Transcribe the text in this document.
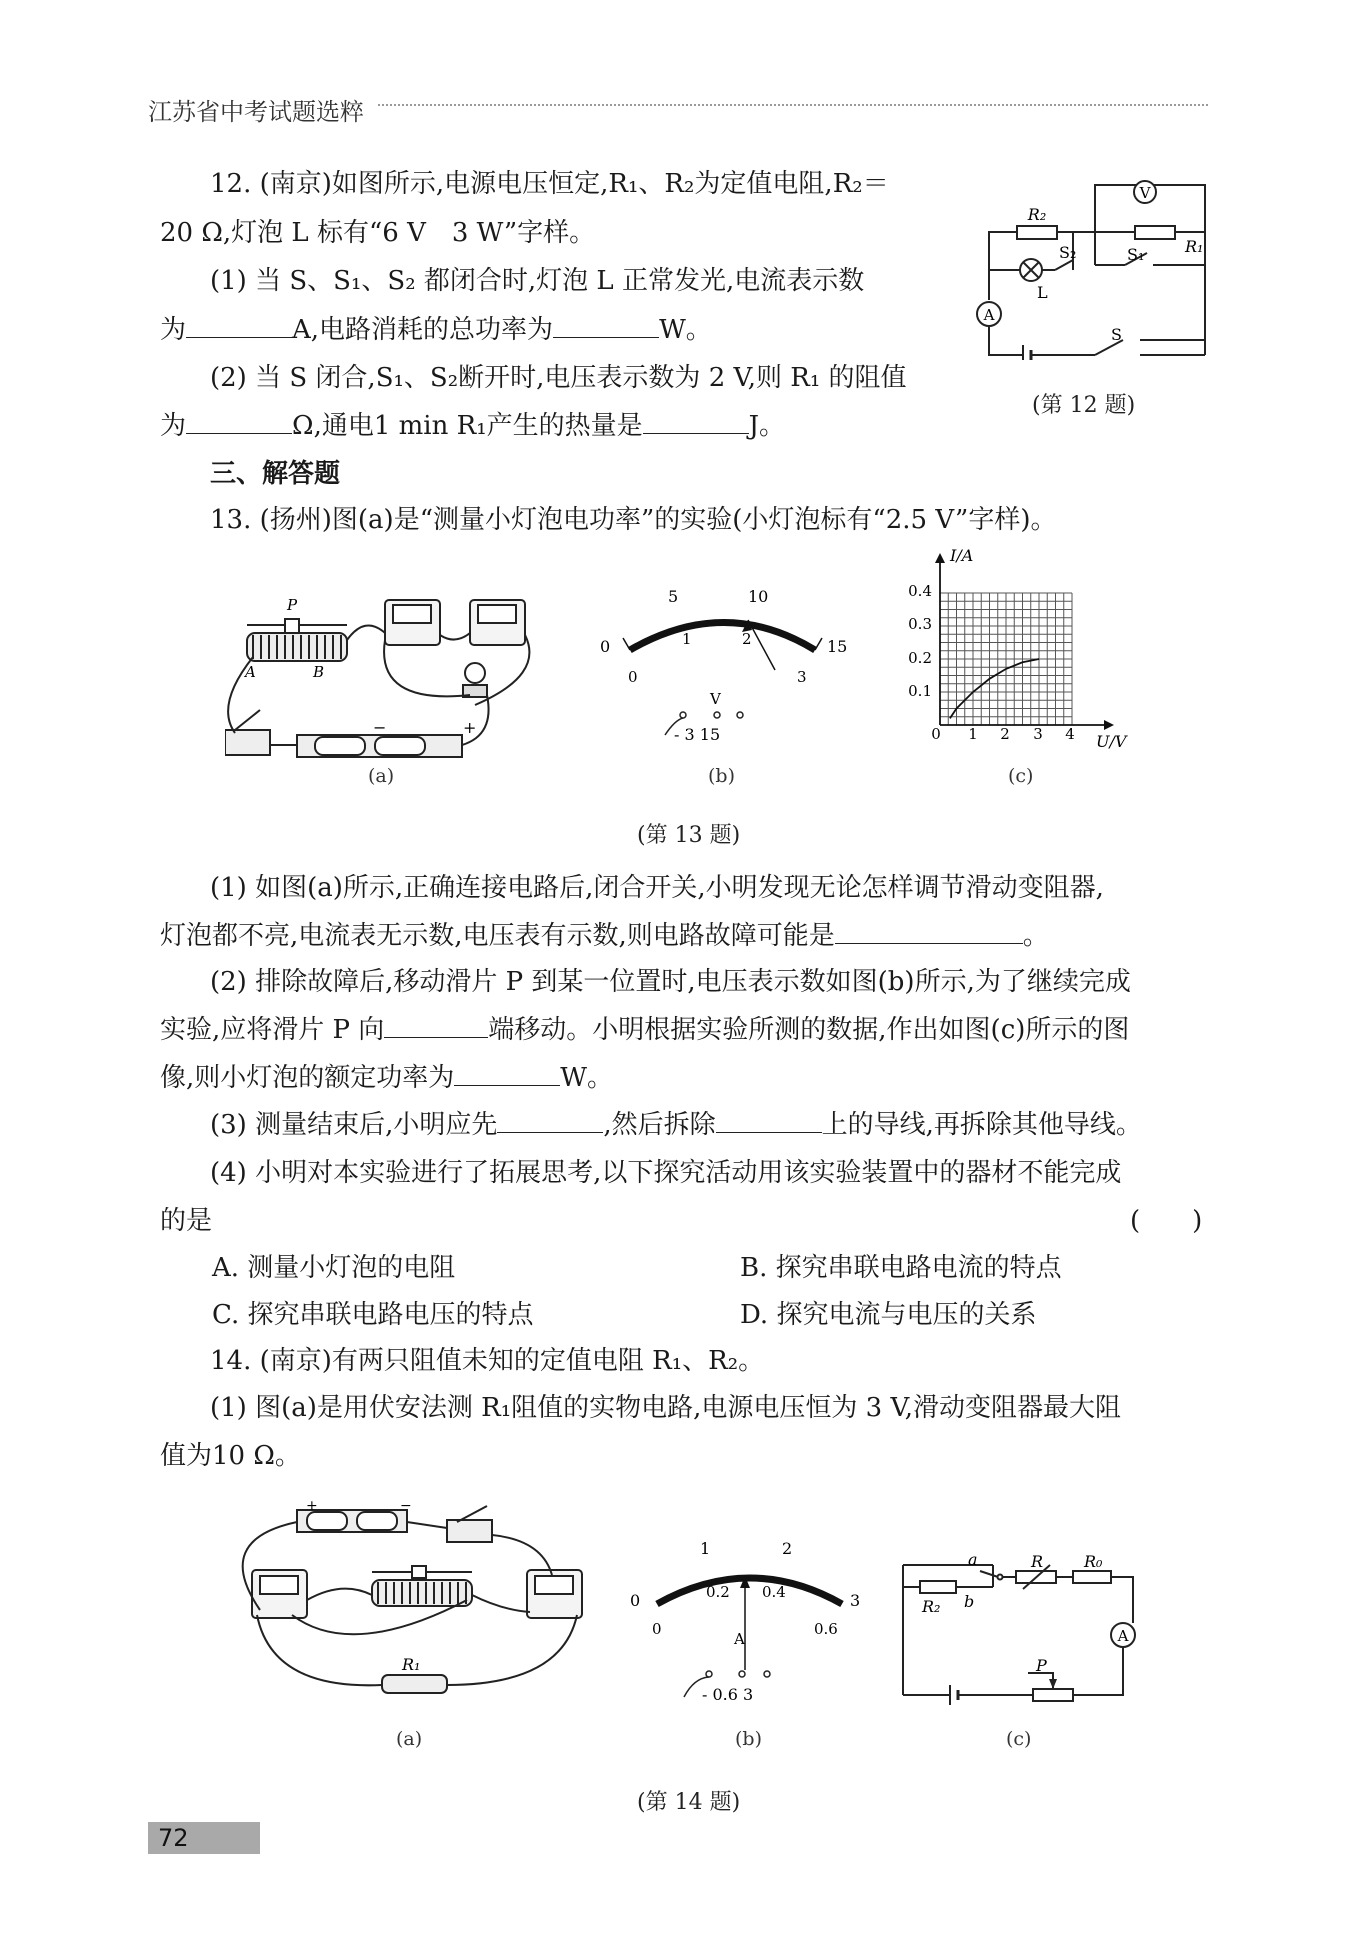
江苏省中考试题选粹
12. (南京)如图所示,电源电压恒定,R₁、R₂为定值电阻,R₂＝
20 Ω,灯泡 L 标有“6 V　3 W”字样。
(1) 当 S、S₁、S₂ 都闭合时,灯泡 L 正常发光,电流表示数
为	A,电路消耗的总功率为	W。
(2) 当 S 闭合,S₁、S₂断开时,电压表示数为 2 V,则 R₁ 的阻值
为	Ω,通电1 min R₁产生的热量是	J。
V
A
R₂
R₁
S₂	S₁
L
S
(第 12 题)
三、解答题
13. (扬州)图(a)是“测量小灯泡电功率”的实验(小灯泡标有“2.5 V”字样)。
P
A	B
−	+
(a)
0
5	10
15
0
1	2
3
V
- 3 15
(b)
I/A
U/V
0 1 2 3 4
0.1
0.2
0.3
0.4
(c)
(第 13 题)
(1) 如图(a)所示,正确连接电路后,闭合开关,小明发现无论怎样调节滑动变阻器,
灯泡都不亮,电流表无示数,电压表有示数,则电路故障可能是	。
(2) 排除故障后,移动滑片 P 到某一位置时,电压表示数如图(b)所示,为了继续完成
实验,应将滑片 P 向	端移动。小明根据实验所测的数据,作出如图(c)所示的图
像,则小灯泡的额定功率为	W。
(3) 测量结束后,小明应先	,然后拆除	上的导线,再拆除其他导线。
(4) 小明对本实验进行了拓展思考,以下探究活动用该实验装置中的器材不能完成
的是	(　　)
A. 测量小灯泡的电阻	B. 探究串联电路电流的特点
C. 探究串联电路电压的特点	D. 探究电流与电压的关系
14. (南京)有两只阻值未知的定值电阻 R₁、R₂。
(1) 图(a)是用伏安法测 R₁阻值的实物电路,电源电压恒为 3 V,滑动变阻器最大阻
值为10 Ω。
+	−
R₁
(a)
0
1	2
3
0
0.2 0.4
0.6
A
- 0.6 3
(b)
a
b
R	R₀
R₂
P
A
(c)
(第 14 题)
72
